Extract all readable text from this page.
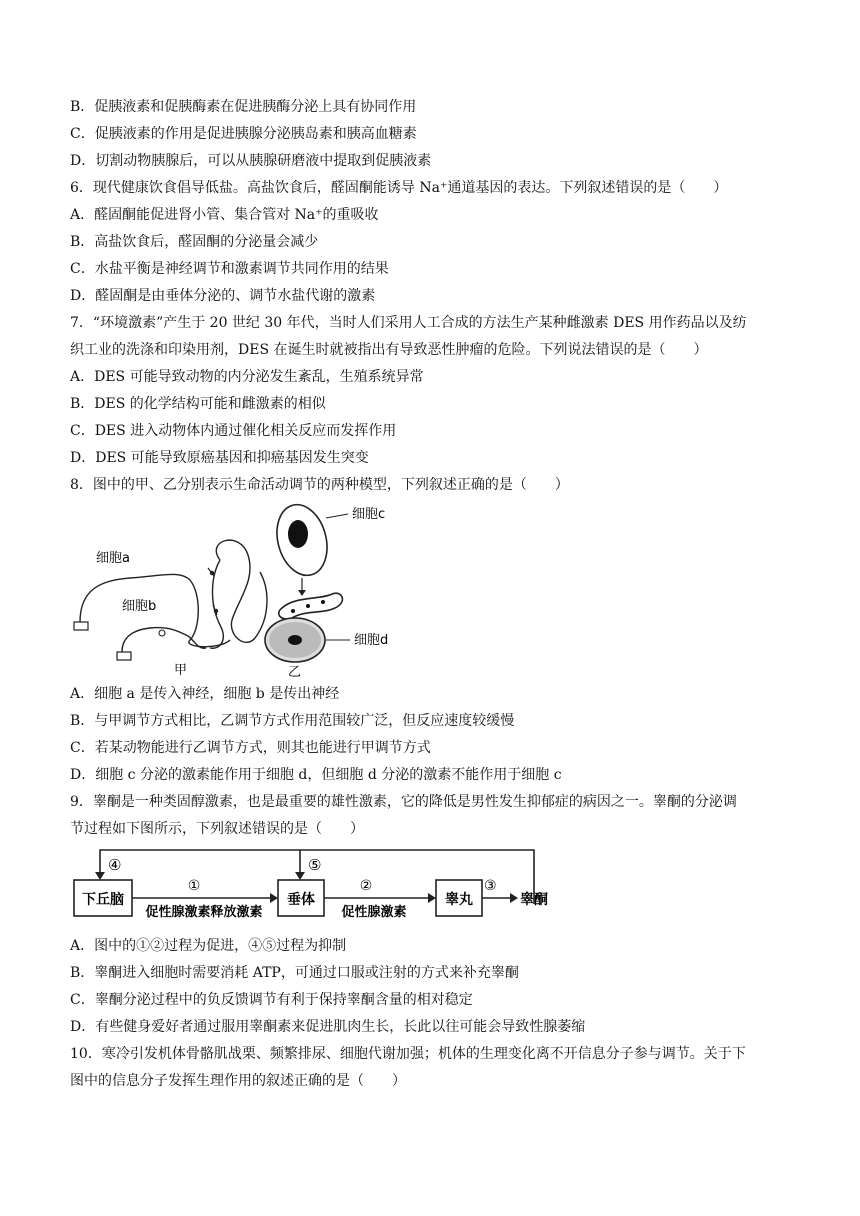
B．促胰液素和促胰酶素在促进胰酶分泌上具有协同作用
C．促胰液素的作用是促进胰腺分泌胰岛素和胰高血糖素
D．切割动物胰腺后，可以从胰腺研磨液中提取到促胰液素
6．现代健康饮食倡导低盐。高盐饮食后，醛固酮能诱导 Na⁺通道基因的表达。下列叙述错误的是（　　）
A．醛固酮能促进肾小管、集合管对 Na⁺的重吸收
B．高盐饮食后，醛固酮的分泌量会减少
C．水盐平衡是神经调节和激素调节共同作用的结果
D．醛固酮是由垂体分泌的、调节水盐代谢的激素
7．“环境激素”产生于 20 世纪 30 年代，当时人们采用人工合成的方法生产某种雌激素 DES 用作药品以及纺
织工业的洗涤和印染用剂，DES 在诞生时就被指出有导致恶性肿瘤的危险。下列说法错误的是（　　）
A．DES 可能导致动物的内分泌发生紊乱，生殖系统异常
B．DES 的化学结构可能和雌激素的相似
C．DES 进入动物体内通过催化相关反应而发挥作用
D．DES 可能导致原癌基因和抑癌基因发生突变
8．图中的甲、乙分别表示生命活动调节的两种模型，下列叙述正确的是（　　）
细胞a
细胞b
细胞c
细胞d
甲	乙
A．细胞 a 是传入神经，细胞 b 是传出神经
B．与甲调节方式相比，乙调节方式作用范围较广泛，但反应速度较缓慢
C．若某动物能进行乙调节方式，则其也能进行甲调节方式
D．细胞 c 分泌的激素能作用于细胞 d，但细胞 d 分泌的激素不能作用于细胞 c
9．睾酮是一种类固醇激素，也是最重要的雄性激素，它的降低是男性发生抑郁症的病因之一。睾酮的分泌调
节过程如下图所示，下列叙述错误的是（　　）
④	⑤
下丘脑	垂体	睾丸
①
促性腺激素释放激素
②
促性腺激素
③
睾酮
A．图中的①②过程为促进，④⑤过程为抑制
B．睾酮进入细胞时需要消耗 ATP，可通过口服或注射的方式来补充睾酮
C．睾酮分泌过程中的负反馈调节有利于保持睾酮含量的相对稳定
D．有些健身爱好者通过服用睾酮素来促进肌肉生长，长此以往可能会导致性腺萎缩
10．寒冷引发机体骨骼肌战栗、频繁排尿、细胞代谢加强；机体的生理变化离不开信息分子参与调节。关于下
图中的信息分子发挥生理作用的叙述正确的是（　　）
